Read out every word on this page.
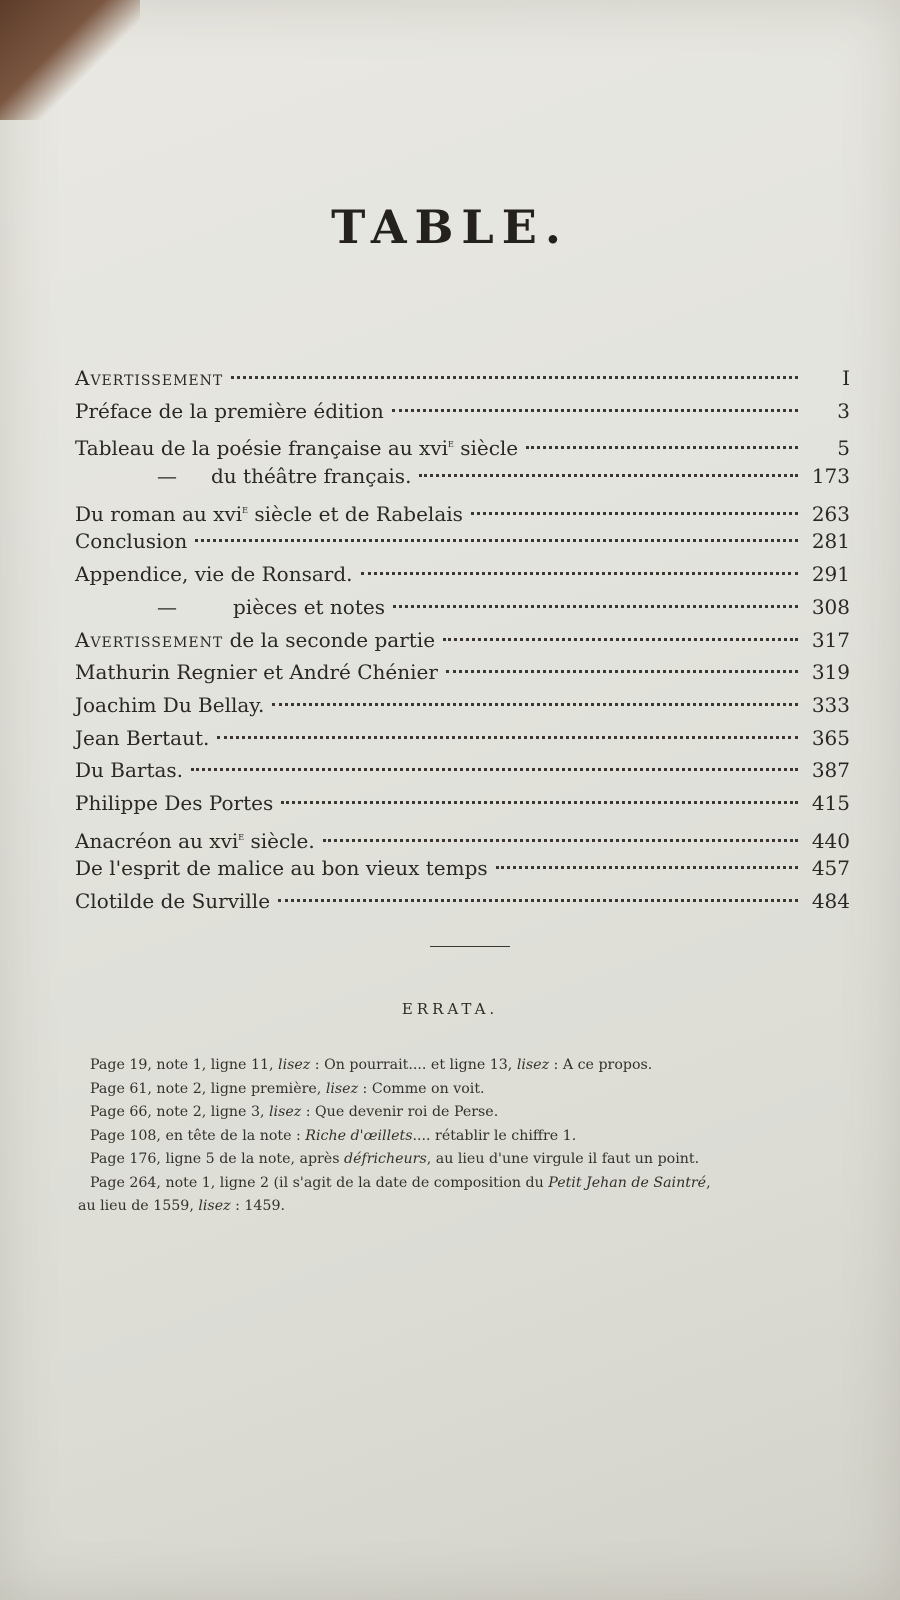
TABLE.
Avertissement	I
Préface de la première édition	3
Tableau de la poésie française au xvi$^e$ siècle	5
— du théâtre français.	173
Du roman au xvi$^e$ siècle et de Rabelais	263
Conclusion	281
Appendice, vie de Ronsard.	291
—	pièces et notes	308
Avertissement de la seconde partie	317
Mathurin Regnier et André Chénier	319
Joachim Du Bellay.	333
Jean Bertaut.	365
Du Bartas.	387
Philippe Des Portes	415
Anacréon au xvi$^e$ siècle.	440
De l'esprit de malice au bon vieux temps	457
Clotilde de Surville	484
ERRATA.
Page 19, note 1, ligne 11, lisez : On pourrait.... et ligne 13, lisez : A ce propos.
Page 61, note 2, ligne première, lisez : Comme on voit.
Page 66, note 2, ligne 3, lisez : Que devenir roi de Perse.
Page 108, en tête de la note : Riche d'œillets.... rétablir le chiffre 1.
Page 176, ligne 5 de la note, après défricheurs, au lieu d'une virgule il faut un point.
Page 264, note 1, ligne 2 (il s'agit de la date de composition du Petit Jehan de Saintré,
au lieu de 1559, lisez : 1459.
